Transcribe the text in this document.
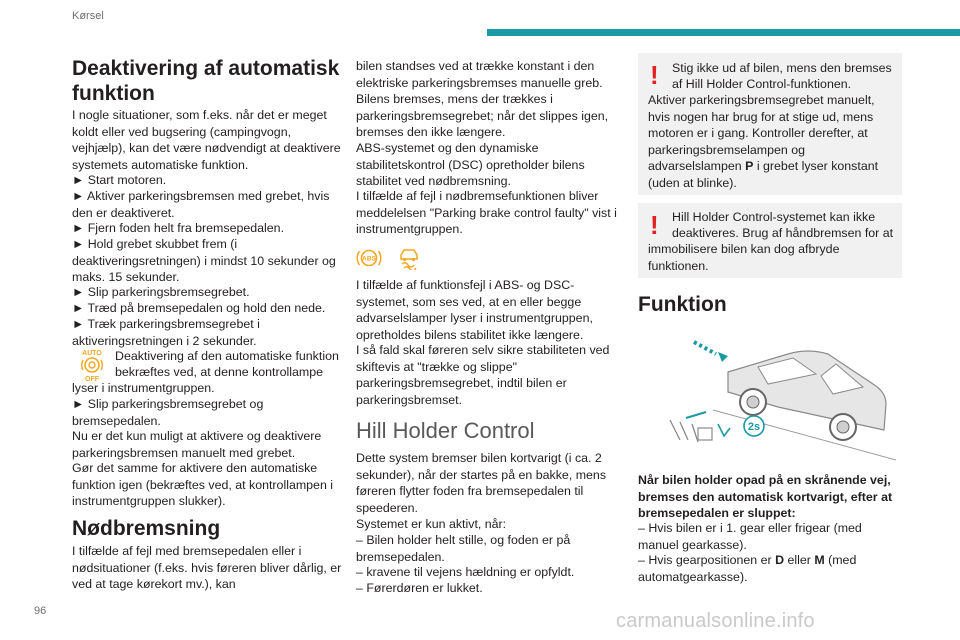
Kørsel
96
Deaktivering af automatisk funktion

I nogle situationer, som f.eks. når det er meget koldt eller ved bugsering (campingvogn, vejhjælp), kan det være nødvendigt at deaktivere systemets automatiske funktion.

► Start motoren.

► Aktiver parkeringsbremsen med grebet, hvis den er deaktiveret.

► Fjern foden helt fra bremsepedalen.

► Hold grebet skubbet frem (i deaktiveringsretningen) i mindst 10 sekunder og maks. 15 sekunder.

► Slip parkeringsbremsegrebet.

► Træd på bremsepedalen og hold den nede.

► Træk parkeringsbremsegrebet i aktiveringsretningen i 2 sekunder.

AUTO
OFF

Deaktivering af den automatiske funktion

bekræftes ved, at denne kontrollampe

lyser i instrumentgruppen.

► Slip parkeringsbremsegrebet og bremsepedalen.

Nu er det kun muligt at aktivere og deaktivere parkeringsbremsen manuelt med grebet.

Gør det samme for aktivere den automatiske funktion igen (bekræftes ved, at kontrollampen i instrumentgruppen slukker).

Nødbremsning

I tilfælde af fejl med bremsepedalen eller i nødsituationer (f.eks. hvis føreren bliver dårlig, er ved at tage kørekort mv.), kan

bilen standses ved at trække konstant i den elektriske parkeringsbremses manuelle greb. Bilens bremses, mens der trækkes i parkeringsbremsegrebet; når det slippes igen, bremses den ikke længere.

ABS-systemet og den dynamiske stabilitetskontrol (DSC) opretholder bilens stabilitet ved nødbremsning.

I tilfælde af fejl i nødbremsefunktionen bliver meddelelsen "Parking brake control faulty" vist i instrumentgruppen.

ABS

I tilfælde af funktionsfejl i ABS- og DSC-systemet, som ses ved, at en eller begge advarselslamper lyser i instrumentgruppen, opretholdes bilens stabilitet ikke længere.

I så fald skal føreren selv sikre stabiliteten ved skiftevis at "trække og slippe" parkeringsbremsegrebet, indtil bilen er parkeringsbremset.

Hill Holder Control

Dette system bremser bilen kortvarigt (i ca. 2 sekunder), når der startes på en bakke, mens føreren flytter foden fra bremsepedalen til speederen.

Systemet er kun aktivt, når:

– Bilen holder helt stille, og foden er på bremsepedalen.

– kravene til vejens hældning er opfyldt.

– Førerdøren er lukket.

! Stig ikke ud af bilen, mens den bremses

af Hill Holder Control-funktionen.

Aktiver parkeringsbremsegrebet manuelt, hvis nogen har brug for at stige ud, mens motoren er i gang. Kontroller derefter, at parkeringsbremselampen og advarselslampen P i grebet lyser konstant (uden at blinke).

! Hill Holder Control-systemet kan ikke

deaktiveres. Brug af håndbremsen for at

immobilisere bilen kan dog afbryde funktionen.

Funktion
2s

Når bilen holder opad på en skrånende vej, bremses den automatisk kortvarigt, efter at bremsepedalen er sluppet:

– Hvis bilen er i 1. gear eller frigear (med manuel gearkasse).

– Hvis gearpositionen er D eller M (med automatgearkasse).

carmanualsonline.info
